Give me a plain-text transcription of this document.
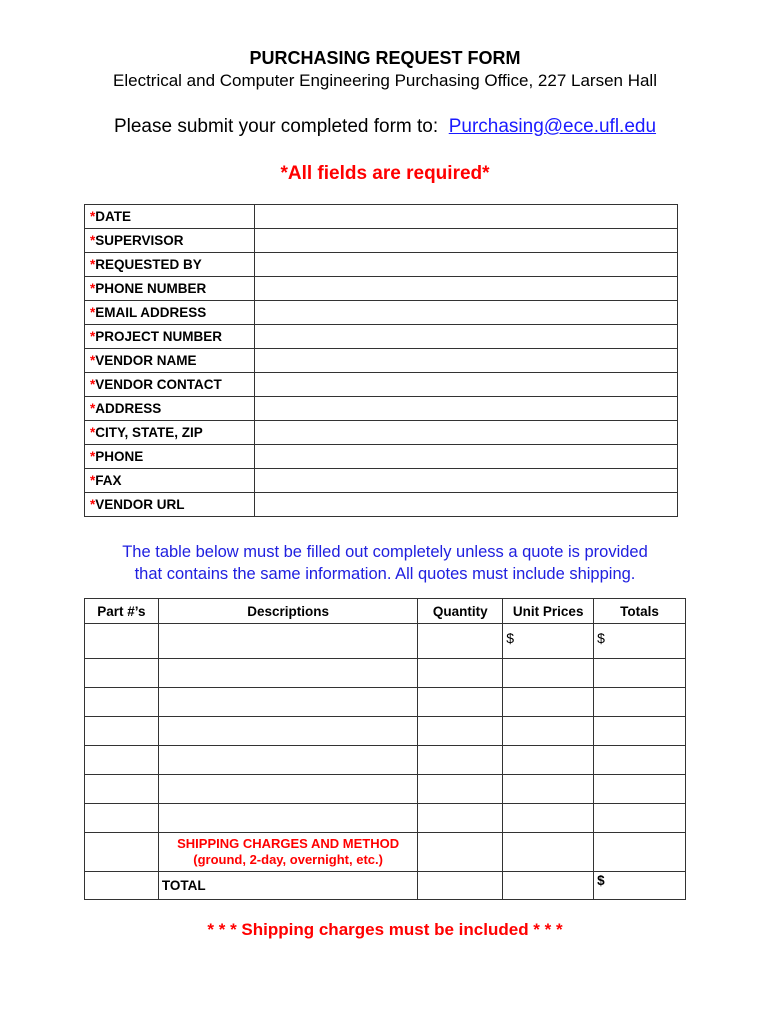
PURCHASING REQUEST FORM
Electrical and Computer Engineering Purchasing Office, 227 Larsen Hall
Please submit your completed form to: Purchasing@ece.ufl.edu
*All fields are required*
*DATE	
*SUPERVISOR	
*REQUESTED BY	
*PHONE NUMBER	
*EMAIL ADDRESS	
*PROJECT NUMBER	
*VENDOR NAME	
*VENDOR CONTACT	
*ADDRESS	
*CITY, STATE, ZIP	
*PHONE	
*FAX	
*VENDOR URL	
The table below must be filled out completely unless a quote is provided
that contains the same information. All quotes must include shipping.
Part #’s	Descriptions	Quantity	Unit Prices	Totals
			$	$

	SHIPPING CHARGES AND METHOD
(ground, 2-day, overnight, etc.)			

	TOTAL			$
* * * Shipping charges must be included * * *
